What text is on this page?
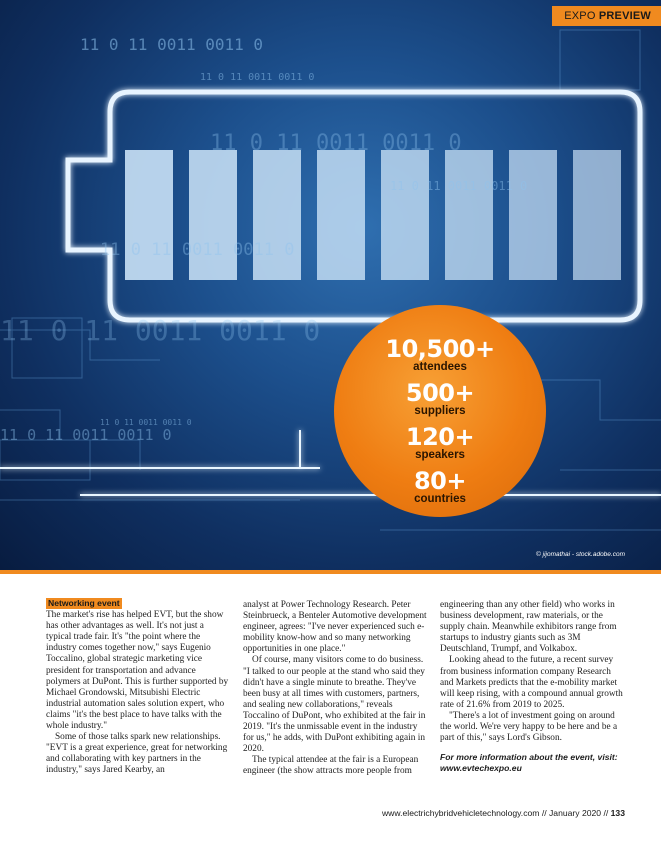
11 0 11 0011 0011 0
11 0 11 0011 0011 0
11 0 11 0011 0011 0
11 0 11 0011 0011 0
11 0 11 0011 0011 0
11 0 11 0011 0011 0
11 0 11 0011 0011 0
11 0 11 0011 0011 0
EXPO PREVIEW
10,500+
attendees
500+
suppliers
120+
speakers
80+
countries
© jijomathai - stock.adobe.com
Networking event

The market's rise has helped EVT, but the show has other advantages as well. It's not just a typical trade fair. It's "the point where the industry comes together now," says Eugenio Toccalino, global strategic marketing vice president for transportation and advance polymers at DuPont. This is further supported by Michael Grondowski, Mitsubishi Electric industrial automation sales solution expert, who claims "it's the best place to have talks with the whole industry."

Some of those talks spark new relationships. "EVT is a great experience, great for networking and collaborating with key partners in the industry," says Jared Kearby, an

analyst at Power Technology Research. Peter Steinbrueck, a Benteler Automotive development engineer, agrees: "I've never experienced such e-mobility know-how and so many networking opportunities in one place."

Of course, many visitors come to do business. "I talked to our people at the stand who said they didn't have a single minute to breathe. They've been busy at all times with customers, partners, and sealing new collaborations," reveals Toccalino of DuPont, who exhibited at the fair in 2019. "It's the unmissable event in the industry for us," he adds, with DuPont exhibiting again in 2020.

The typical attendee at the fair is a European engineer (the show attracts more people from

engineering than any other field) who works in business development, raw materials, or the supply chain. Meanwhile exhibitors range from startups to industry giants such as 3M Deutschland, Trumpf, and Volkabox.

Looking ahead to the future, a recent survey from business information company Research and Markets predicts that the e-mobility market will keep rising, with a compound annual growth rate of 21.6% from 2019 to 2025.

"There's a lot of investment going on around the world. We're very happy to be here and be a part of this," says Lord's Gibson.

For more information about the event, visit: www.evtechexpo.eu
www.electrichybridvehicletechnology.com // January 2020 // 133
